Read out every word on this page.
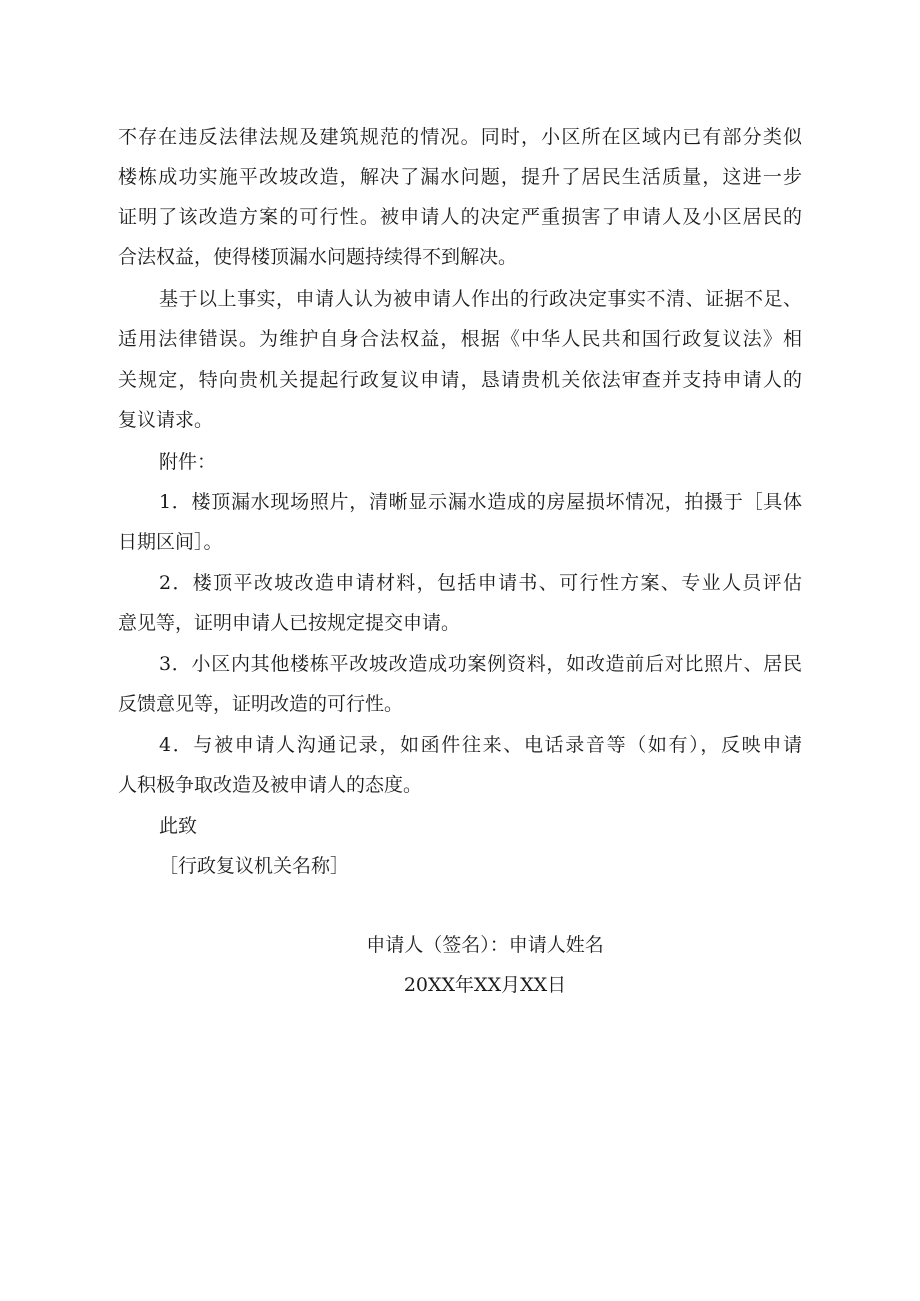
不存在违反法律法规及建筑规范的情况。同时，小区所在区域内已有部分类似

楼栋成功实施平改坡改造，解决了漏水问题，提升了居民生活质量，这进一步

证明了该改造方案的可行性。被申请人的决定严重损害了申请人及小区居民的

合法权益，使得楼顶漏水问题持续得不到解决。

基于以上事实，申请人认为被申请人作出的行政决定事实不清、证据不足、

适用法律错误。为维护自身合法权益，根据《中华人民共和国行政复议法》相

关规定，特向贵机关提起行政复议申请，恳请贵机关依法审查并支持申请人的

复议请求。

附件：

1．楼顶漏水现场照片，清晰显示漏水造成的房屋损坏情况，拍摄于［具体

日期区间］。

2．楼顶平改坡改造申请材料，包括申请书、可行性方案、专业人员评估

意见等，证明申请人已按规定提交申请。

3．小区内其他楼栋平改坡改造成功案例资料，如改造前后对比照片、居民

反馈意见等，证明改造的可行性。

4．与被申请人沟通记录，如函件往来、电话录音等（如有），反映申请

人积极争取改造及被申请人的态度。

此致

［行政复议机关名称］

申请人（签名）：申请人姓名

20XX年XX月XX日
